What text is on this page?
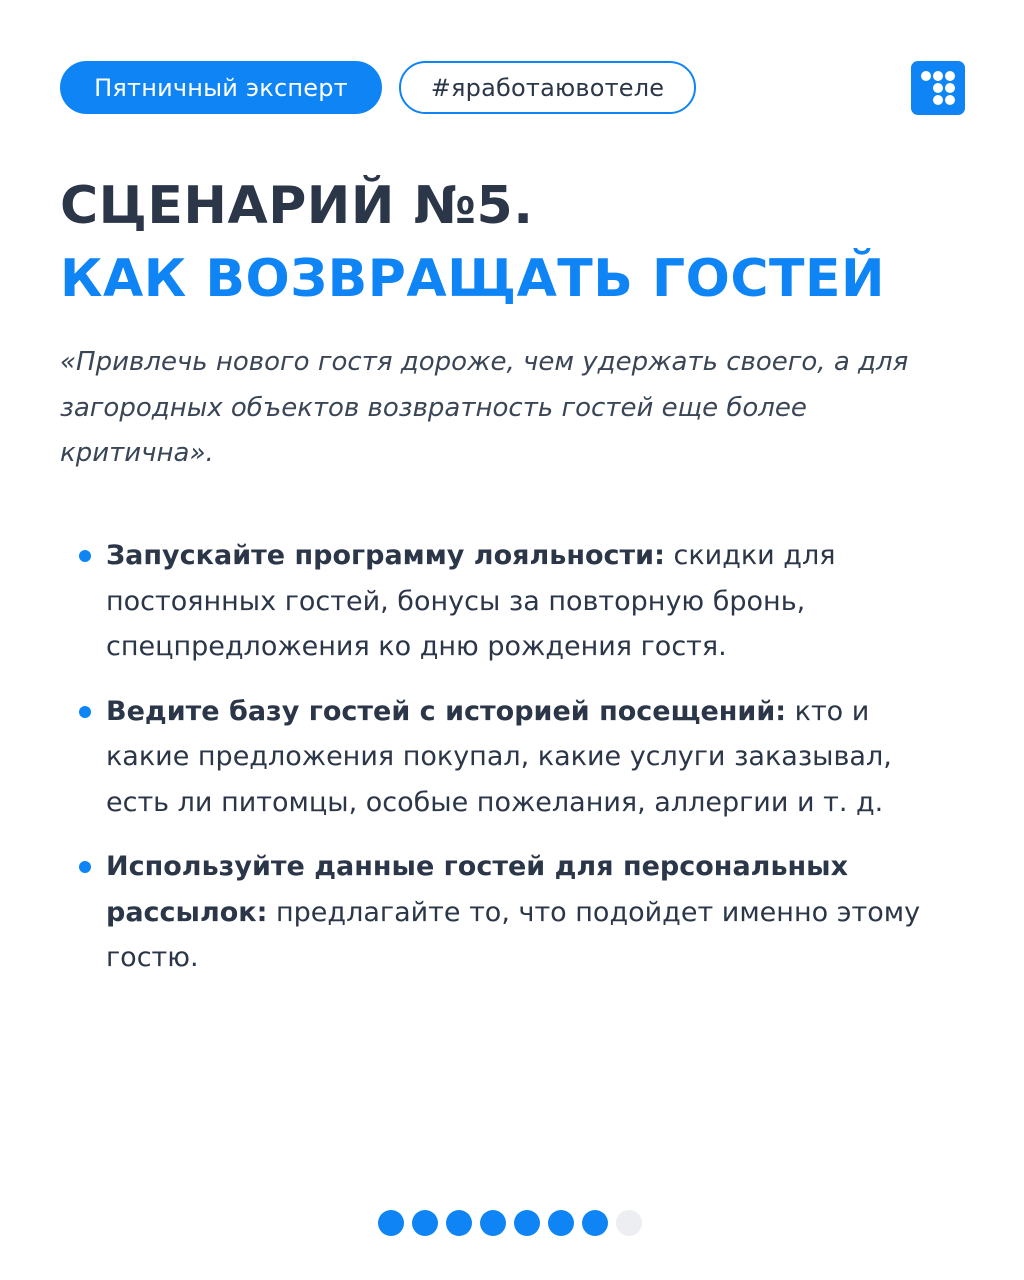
Пятничный эксперт	#яработаювотеле
СЦЕНАРИЙ №5.
КАК ВОЗВРАЩАТЬ ГОСТЕЙ

«Привлечь нового гостя дороже, чем удержать своего, а для загородных объектов возвратность гостей еще более критична».

Запускайте программу лояльности: скидки для постоянных гостей, бонусы за повторную бронь, спецпредложения ко дню рождения гостя.
Ведите базу гостей с историей посещений: кто и какие предложения покупал, какие услуги заказывал, есть ли питомцы, особые пожелания, аллергии и т. д.
Используйте данные гостей для персональных рассылок: предлагайте то, что подойдет именно этому гостю.
